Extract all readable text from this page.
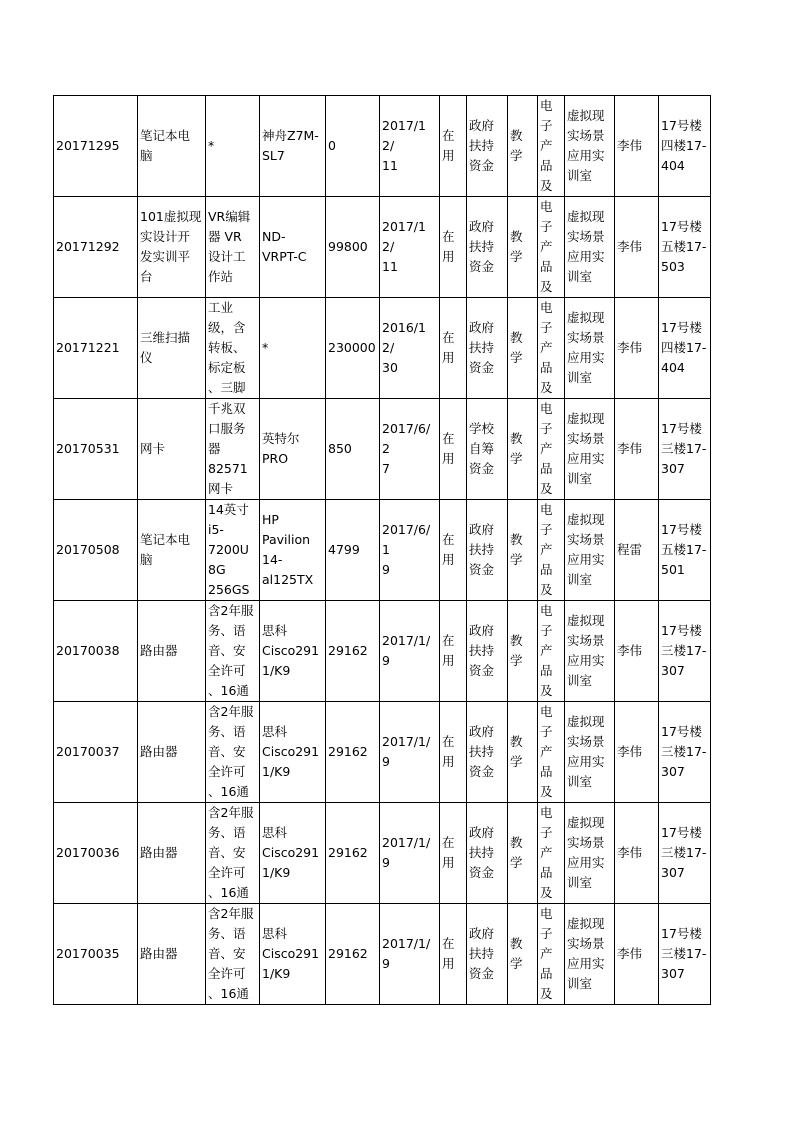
20171295	笔记本电
脑	*	神舟Z7M-
SL7	0	2017/12/
11	在
用	政府
扶持
资金	教
学	电
子
产
品
及	虚拟现
实场景
应用实
训室	李伟	17号楼
四楼17-
404
20171292	101虚拟现
实设计开
发实训平
台	VR编辑
器 VR
设计工
作站	ND-
VRPT-C	99800	2017/12/
11	在
用	政府
扶持
资金	教
学	电
子
产
品
及	虚拟现
实场景
应用实
训室	李伟	17号楼
五楼17-
503
20171221	三维扫描
仪	工业
级，含
转板、
标定板
、三脚	*	230000	2016/12/
30	在
用	政府
扶持
资金	教
学	电
子
产
品
及	虚拟现
实场景
应用实
训室	李伟	17号楼
四楼17-
404
20170531	网卡	千兆双
口服务
器
82571
网卡	英特尔
PRO	850	2017/6/2
7	在
用	学校
自筹
资金	教
学	电
子
产
品
及	虚拟现
实场景
应用实
训室	李伟	17号楼
三楼17-
307
20170508	笔记本电
脑	14英寸
i5-
7200U
8G
256GS	HP
Pavilion
14-
al125TX	4799	2017/6/1
9	在
用	政府
扶持
资金	教
学	电
子
产
品
及	虚拟现
实场景
应用实
训室	程雷	17号楼
五楼17-
501
20170038	路由器	含2年服
务、语
音、安
全许可
、16通	思科
Cisco291
1/K9	29162	2017/1/9	在
用	政府
扶持
资金	教
学	电
子
产
品
及	虚拟现
实场景
应用实
训室	李伟	17号楼
三楼17-
307
20170037	路由器	含2年服
务、语
音、安
全许可
、16通	思科
Cisco291
1/K9	29162	2017/1/9	在
用	政府
扶持
资金	教
学	电
子
产
品
及	虚拟现
实场景
应用实
训室	李伟	17号楼
三楼17-
307
20170036	路由器	含2年服
务、语
音、安
全许可
、16通	思科
Cisco291
1/K9	29162	2017/1/9	在
用	政府
扶持
资金	教
学	电
子
产
品
及	虚拟现
实场景
应用实
训室	李伟	17号楼
三楼17-
307
20170035	路由器	含2年服
务、语
音、安
全许可
、16通	思科
Cisco291
1/K9	29162	2017/1/9	在
用	政府
扶持
资金	教
学	电
子
产
品
及	虚拟现
实场景
应用实
训室	李伟	17号楼
三楼17-
307
